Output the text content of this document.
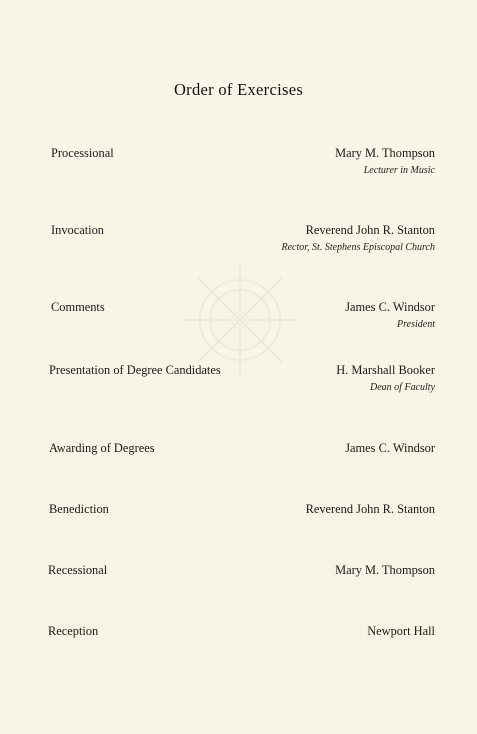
Order of Exercises
Processional	Mary M. Thompson
Lecturer in Music
Invocation	Reverend John R. Stanton
Rector, St. Stephens Episcopal Church
Comments	James C. Windsor
President
Presentation of Degree Candidates	H. Marshall Booker
Dean of Faculty
Awarding of Degrees	James C. Windsor
Benediction	Reverend John R. Stanton
Recessional	Mary M. Thompson
Reception	Newport Hall
